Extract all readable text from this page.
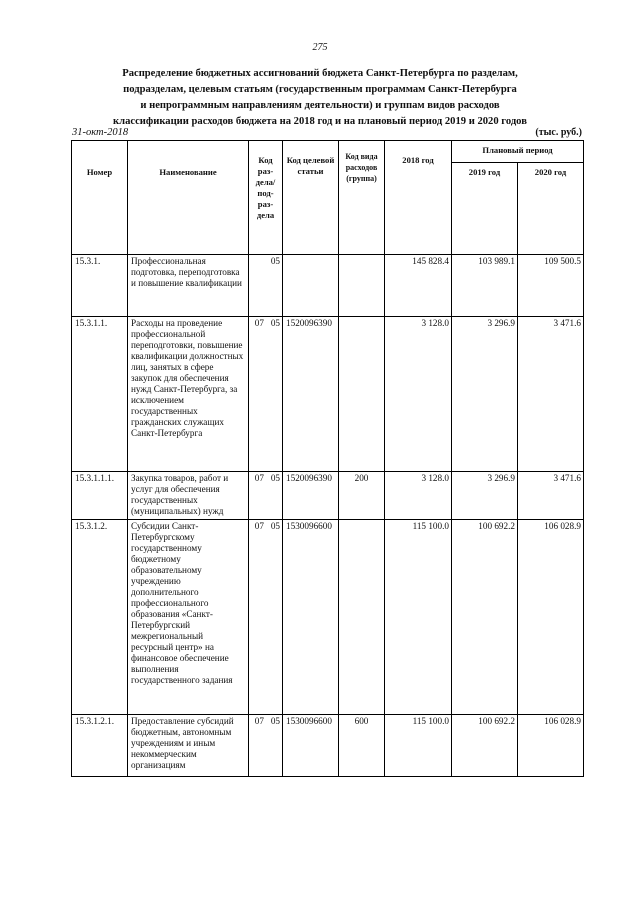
275
Распределение бюджетных ассигнований бюджета Санкт-Петербурга по разделам,
подразделам, целевым статьям (государственным программам Санкт-Петербурга
и непрограммным направлениям деятельности) и группам видов расходов
классификации расходов бюджета на 2018 год и на плановый период 2019 и 2020 годов
31-окт-2018	(тыс. руб.)
Номер	Наименование	Код раз-дела/ под-раз-дела	Код целевой статьи	Код вида расходов (группа)	2018 год	Плановый период	
						2019 год	2020 год
15.3.1.	Профессиональная подготовка, переподготовка и повышение квалификации	05			145 828.4	103 989.1	109 500.5
15.3.1.1.	Расходы на проведение профессиональной переподготовки, повышение квалификации должностных лиц, занятых в сфере закупок для обеспечения нужд Санкт-Петербурга, за исключением государственных гражданских служащих Санкт-Петербурга	07 05	1520096390		3 128.0	3 296.9	3 471.6
15.3.1.1.1.	Закупка товаров, работ и услуг для обеспечения государственных (муниципальных) нужд	07 05	1520096390	200	3 128.0	3 296.9	3 471.6
15.3.1.2.	Субсидии Санкт-Петербургскому государственному бюджетному образовательному учреждению дополнительного профессионального образования «Санкт-Петербургский межрегиональный ресурсный центр» на финансовое обеспечение выполнения государственного задания	07 05	1530096600		115 100.0	100 692.2	106 028.9
15.3.1.2.1.	Предоставление субсидий бюджетным, автономным учреждениям и иным некоммерческим организациям	07 05	1530096600	600	115 100.0	100 692.2	106 028.9
